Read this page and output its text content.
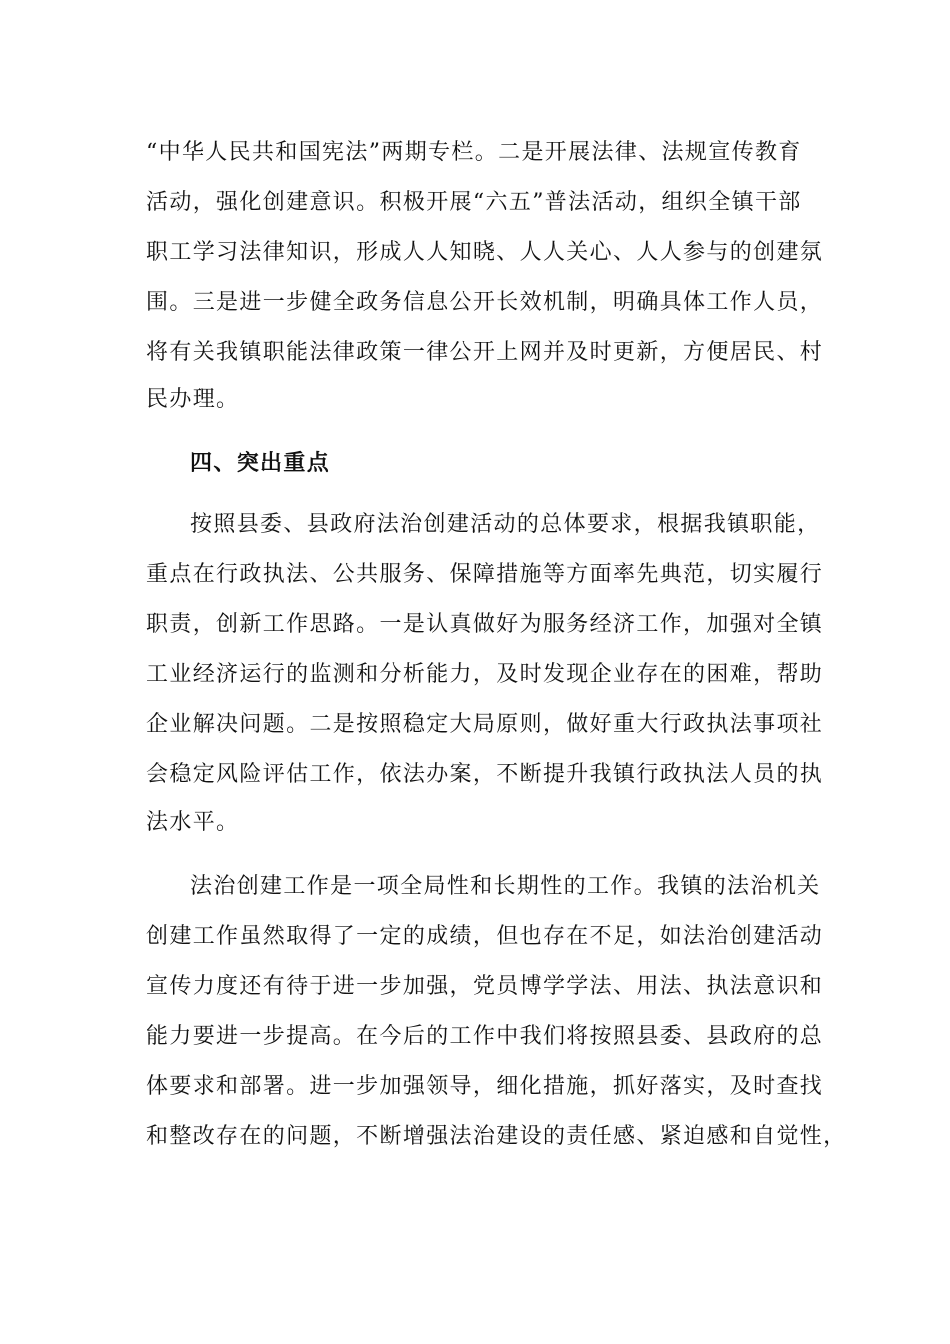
“中华人民共和国宪法”两期专栏。二是开展法律、法规宣传教育
活动，强化创建意识。积极开展“六五”普法活动，组织全镇干部
职工学习法律知识，形成人人知晓、人人关心、人人参与的创建氛
围。三是进一步健全政务信息公开长效机制，明确具体工作人员，
将有关我镇职能法律政策一律公开上网并及时更新，方便居民、村
民办理。
四、突出重点
按照县委、县政府法治创建活动的总体要求，根据我镇职能，
重点在行政执法、公共服务、保障措施等方面率先典范，切实履行
职责，创新工作思路。一是认真做好为服务经济工作，加强对全镇
工业经济运行的监测和分析能力，及时发现企业存在的困难，帮助
企业解决问题。二是按照稳定大局原则，做好重大行政执法事项社
会稳定风险评估工作，依法办案，不断提升我镇行政执法人员的执
法水平。
法治创建工作是一项全局性和长期性的工作。我镇的法治机关
创建工作虽然取得了一定的成绩，但也存在不足，如法治创建活动
宣传力度还有待于进一步加强，党员博学学法、用法、执法意识和
能力要进一步提高。在今后的工作中我们将按照县委、县政府的总
体要求和部署。进一步加强领导，细化措施，抓好落实，及时查找
和整改存在的问题，不断增强法治建设的责任感、紧迫感和自觉性，
